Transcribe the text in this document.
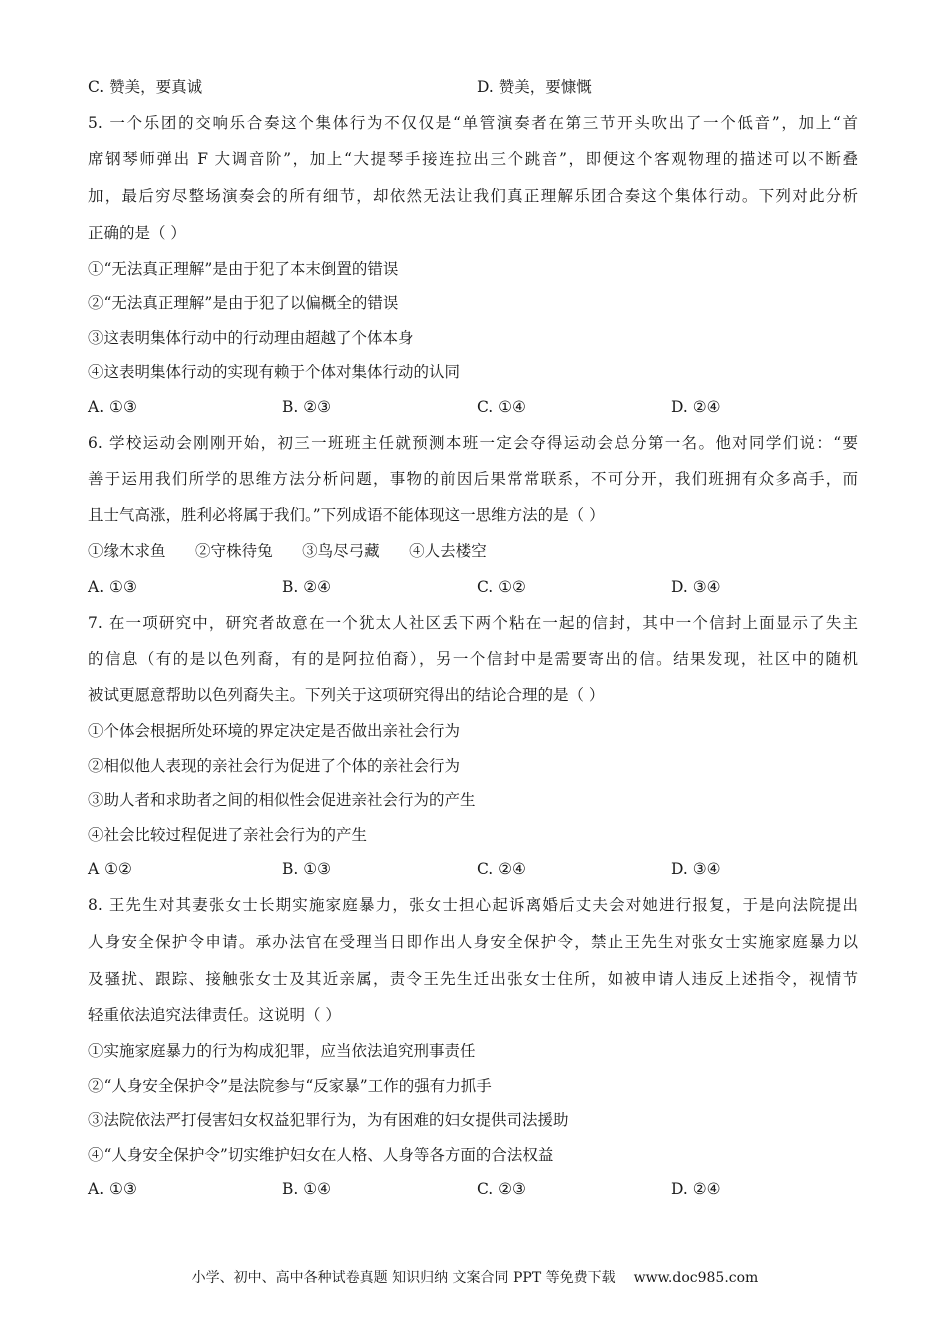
C. 赞美，要真诚	D. 赞美，要慷慨
5. 一个乐团的交响乐合奏这个集体行为不仅仅是“单管演奏者在第三节开头吹出了一个低音”，加上“首
席钢琴师弹出 F 大调音阶”，加上“大提琴手接连拉出三个跳音”，即便这个客观物理的描述可以不断叠
加，最后穷尽整场演奏会的所有细节，却依然无法让我们真正理解乐团合奏这个集体行动。下列对此分析
正确的是（ ）
①“无法真正理解”是由于犯了本末倒置的错误
②“无法真正理解”是由于犯了以偏概全的错误
③这表明集体行动中的行动理由超越了个体本身
④这表明集体行动的实现有赖于个体对集体行动的认同
A. ①③	B. ②③	C. ①④	D. ②④
6. 学校运动会刚刚开始，初三一班班主任就预测本班一定会夺得运动会总分第一名。他对同学们说：“要
善于运用我们所学的思维方法分析问题，事物的前因后果常常联系，不可分开，我们班拥有众多高手，而
且士气高涨，胜利必将属于我们。”下列成语不能体现这一思维方法的是（ ）
①缘木求鱼      ②守株待兔      ③鸟尽弓藏      ④人去楼空
A. ①③	B. ②④	C. ①②	D. ③④
7. 在一项研究中，研究者故意在一个犹太人社区丢下两个粘在一起的信封，其中一个信封上面显示了失主
的信息（有的是以色列裔，有的是阿拉伯裔），另一个信封中是需要寄出的信。结果发现，社区中的随机
被试更愿意帮助以色列裔失主。下列关于这项研究得出的结论合理的是（ ）
①个体会根据所处环境的界定决定是否做出亲社会行为
②相似他人表现的亲社会行为促进了个体的亲社会行为
③助人者和求助者之间的相似性会促进亲社会行为的产生
④社会比较过程促进了亲社会行为的产生
A ①②	B. ①③	C. ②④	D. ③④
8. 王先生对其妻张女士长期实施家庭暴力，张女士担心起诉离婚后丈夫会对她进行报复，于是向法院提出
人身安全保护令申请。承办法官在受理当日即作出人身安全保护令，禁止王先生对张女士实施家庭暴力以
及骚扰、跟踪、接触张女士及其近亲属，责令王先生迁出张女士住所，如被申请人违反上述指令，视情节
轻重依法追究法律责任。这说明（ ）
①实施家庭暴力的行为构成犯罪，应当依法追究刑事责任
②“人身安全保护令”是法院参与“反家暴”工作的强有力抓手
③法院依法严打侵害妇女权益犯罪行为，为有困难的妇女提供司法援助
④“人身安全保护令”切实维护妇女在人格、人身等各方面的合法权益
A. ①③	B. ①④	C. ②③	D. ②④
小学、初中、高中各种试卷真题 知识归纳 文案合同 PPT 等免费下载 www.doc985.com
